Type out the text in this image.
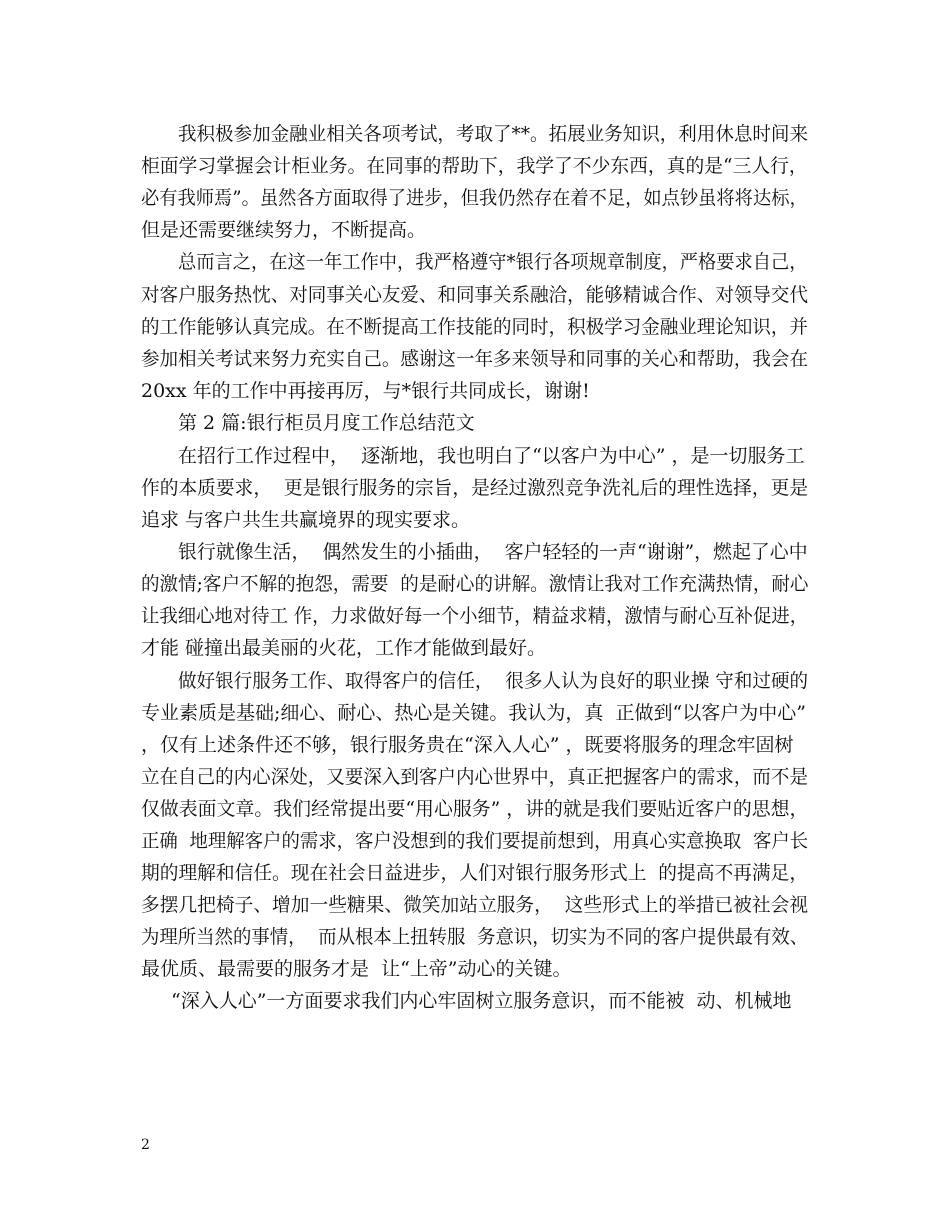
我积极参加金融业相关各项考试，考取了**。拓展业务知识，利用休息时间来
柜面学习掌握会计柜业务。在同事的帮助下，我学了不少东西，真的是“三人行，
必有我师焉”。虽然各方面取得了进步，但我仍然存在着不足，如点钞虽将将达标，
但是还需要继续努力，不断提高。
总而言之，在这一年工作中，我严格遵守*银行各项规章制度，严格要求自己，
对客户服务热忱、对同事关心友爱、和同事关系融洽，能够精诚合作、对领导交代
的工作能够认真完成。在不断提高工作技能的同时，积极学习金融业理论知识，并
参加相关考试来努力充实自己。感谢这一年多来领导和同事的关心和帮助，我会在
20xx 年的工作中再接再厉，与*银行共同成长，谢谢!
第 2 篇:银行柜员月度工作总结范文
在招行工作过程中，  逐渐地，我也明白了“以客户为中心” ，是一切服务工
作的本质要求，  更是银行服务的宗旨，是经过激烈竞争洗礼后的理性选择，更是
追求 与客户共生共赢境界的现实要求。
银行就像生活，  偶然发生的小插曲，  客户轻轻的一声“谢谢”，燃起了心中
的激情;客户不解的抱怨，需要  的是耐心的讲解。激情让我对工作充满热情，耐心
让我细心地对待工 作，力求做好每一个小细节，精益求精，激情与耐心互补促进，
才能 碰撞出最美丽的火花，工作才能做到最好。
做好银行服务工作、取得客户的信任，  很多人认为良好的职业操 守和过硬的
专业素质是基础;细心、耐心、热心是关键。我认为，真  正做到“以客户为中心”
，仅有上述条件还不够，银行服务贵在“深入人心” ，既要将服务的理念牢固树
立在自己的内心深处，又要深入到客户内心世界中，真正把握客户的需求，而不是
仅做表面文章。我们经常提出要“用心服务” ，讲的就是我们要贴近客户的思想，
正确  地理解客户的需求，客户没想到的我们要提前想到，用真心实意换取  客户长
期的理解和信任。现在社会日益进步，人们对银行服务形式上  的提高不再满足，
多摆几把椅子、增加一些糖果、微笑加站立服务，  这些形式上的举措已被社会视
为理所当然的事情，  而从根本上扭转服  务意识，切实为不同的客户提供最有效、
最优质、最需要的服务才是  让“上帝”动心的关键。
“深入人心”一方面要求我们内心牢固树立服务意识，而不能被  动、机械地
2
